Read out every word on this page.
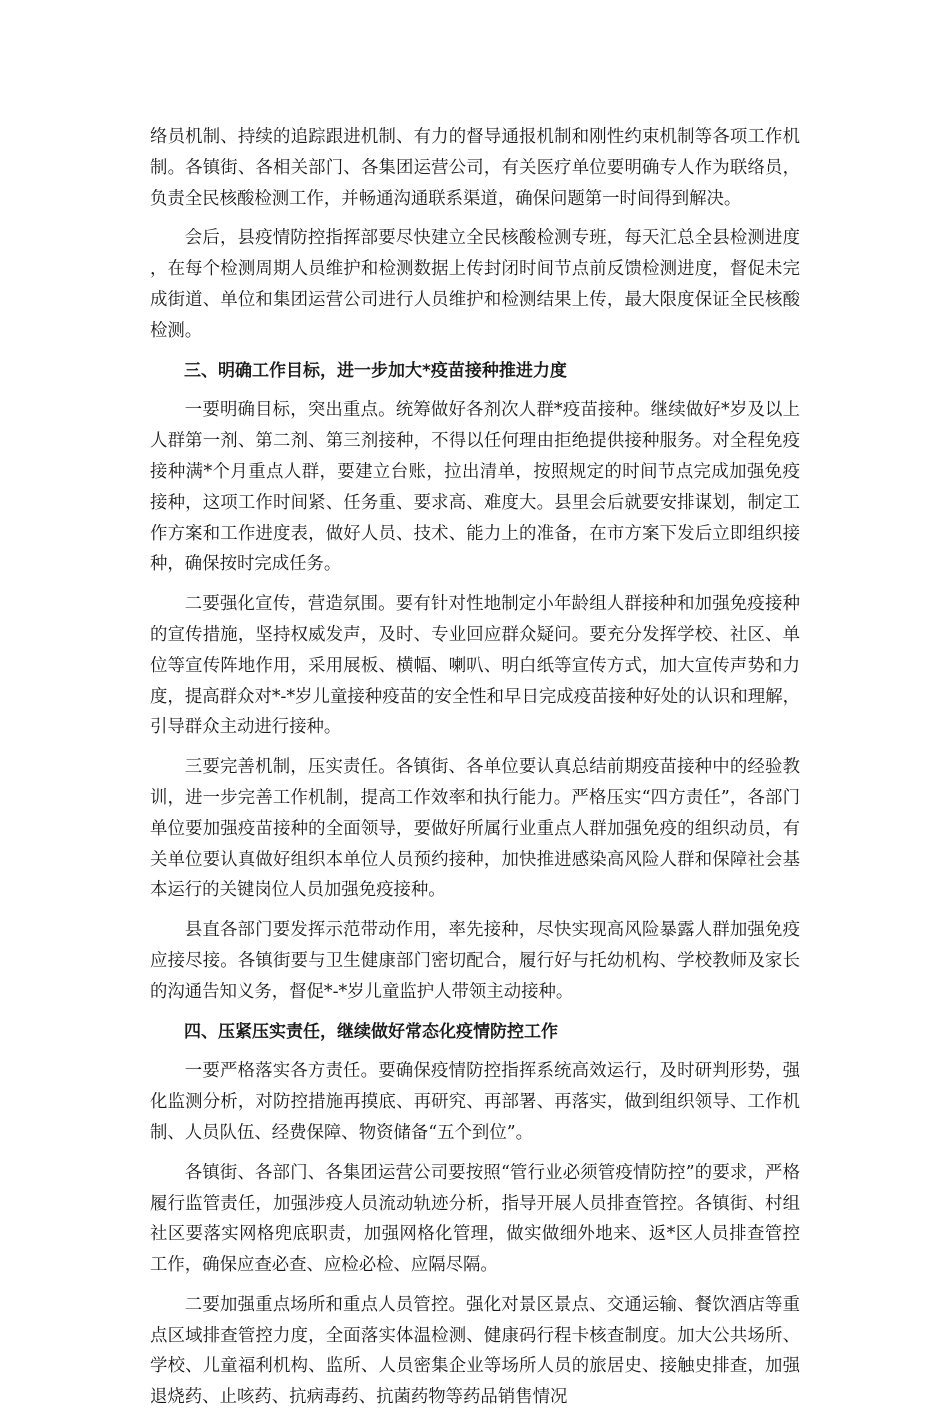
络员机制、持续的追踪跟进机制、有力的督导通报机制和刚性约束机制等各项工作机制。各镇街、各相关部门、各集团运营公司，有关医疗单位要明确专人作为联络员，负责全民核酸检测工作，并畅通沟通联系渠道，确保问题第一时间得到解决。

会后，县疫情防控指挥部要尽快建立全民核酸检测专班，每天汇总全县检测进度，在每个检测周期人员维护和检测数据上传封闭时间节点前反馈检测进度，督促未完成街道、单位和集团运营公司进行人员维护和检测结果上传，最大限度保证全民核酸检测。

三、明确工作目标，进一步加大*疫苗接种推进力度

一要明确目标，突出重点。统筹做好各剂次人群*疫苗接种。继续做好*岁及以上人群第一剂、第二剂、第三剂接种，不得以任何理由拒绝提供接种服务。对全程免疫接种满*个月重点人群，要建立台账，拉出清单，按照规定的时间节点完成加强免疫接种，这项工作时间紧、任务重、要求高、难度大。县里会后就要安排谋划，制定工作方案和工作进度表，做好人员、技术、能力上的准备，在市方案下发后立即组织接种，确保按时完成任务。

二要强化宣传，营造氛围。要有针对性地制定小年龄组人群接种和加强免疫接种的宣传措施，坚持权威发声，及时、专业回应群众疑问。要充分发挥学校、社区、单位等宣传阵地作用，采用展板、横幅、喇叭、明白纸等宣传方式，加大宣传声势和力度，提高群众对*-*岁儿童接种疫苗的安全性和早日完成疫苗接种好处的认识和理解，引导群众主动进行接种。

三要完善机制，压实责任。各镇街、各单位要认真总结前期疫苗接种中的经验教训，进一步完善工作机制，提高工作效率和执行能力。严格压实“四方责任”，各部门单位要加强疫苗接种的全面领导，要做好所属行业重点人群加强免疫的组织动员，有关单位要认真做好组织本单位人员预约接种，加快推进感染高风险人群和保障社会基本运行的关键岗位人员加强免疫接种。

县直各部门要发挥示范带动作用，率先接种，尽快实现高风险暴露人群加强免疫应接尽接。各镇街要与卫生健康部门密切配合，履行好与托幼机构、学校教师及家长的沟通告知义务，督促*-*岁儿童监护人带领主动接种。

四、压紧压实责任，继续做好常态化疫情防控工作

一要严格落实各方责任。要确保疫情防控指挥系统高效运行，及时研判形势，强化监测分析，对防控措施再摸底、再研究、再部署、再落实，做到组织领导、工作机制、人员队伍、经费保障、物资储备“五个到位”。

各镇街、各部门、各集团运营公司要按照“管行业必须管疫情防控”的要求，严格履行监管责任，加强涉疫人员流动轨迹分析，指导开展人员排查管控。各镇街、村组社区要落实网格兜底职责，加强网格化管理，做实做细外地来、返*区人员排查管控工作，确保应查必查、应检必检、应隔尽隔。

二要加强重点场所和重点人员管控。强化对景区景点、交通运输、餐饮酒店等重点区域排查管控力度，全面落实体温检测、健康码行程卡核查制度。加大公共场所、学校、儿童福利机构、监所、人员密集企业等场所人员的旅居史、接触史排查，加强退烧药、止咳药、抗病毒药、抗菌药物等药品销售情况
